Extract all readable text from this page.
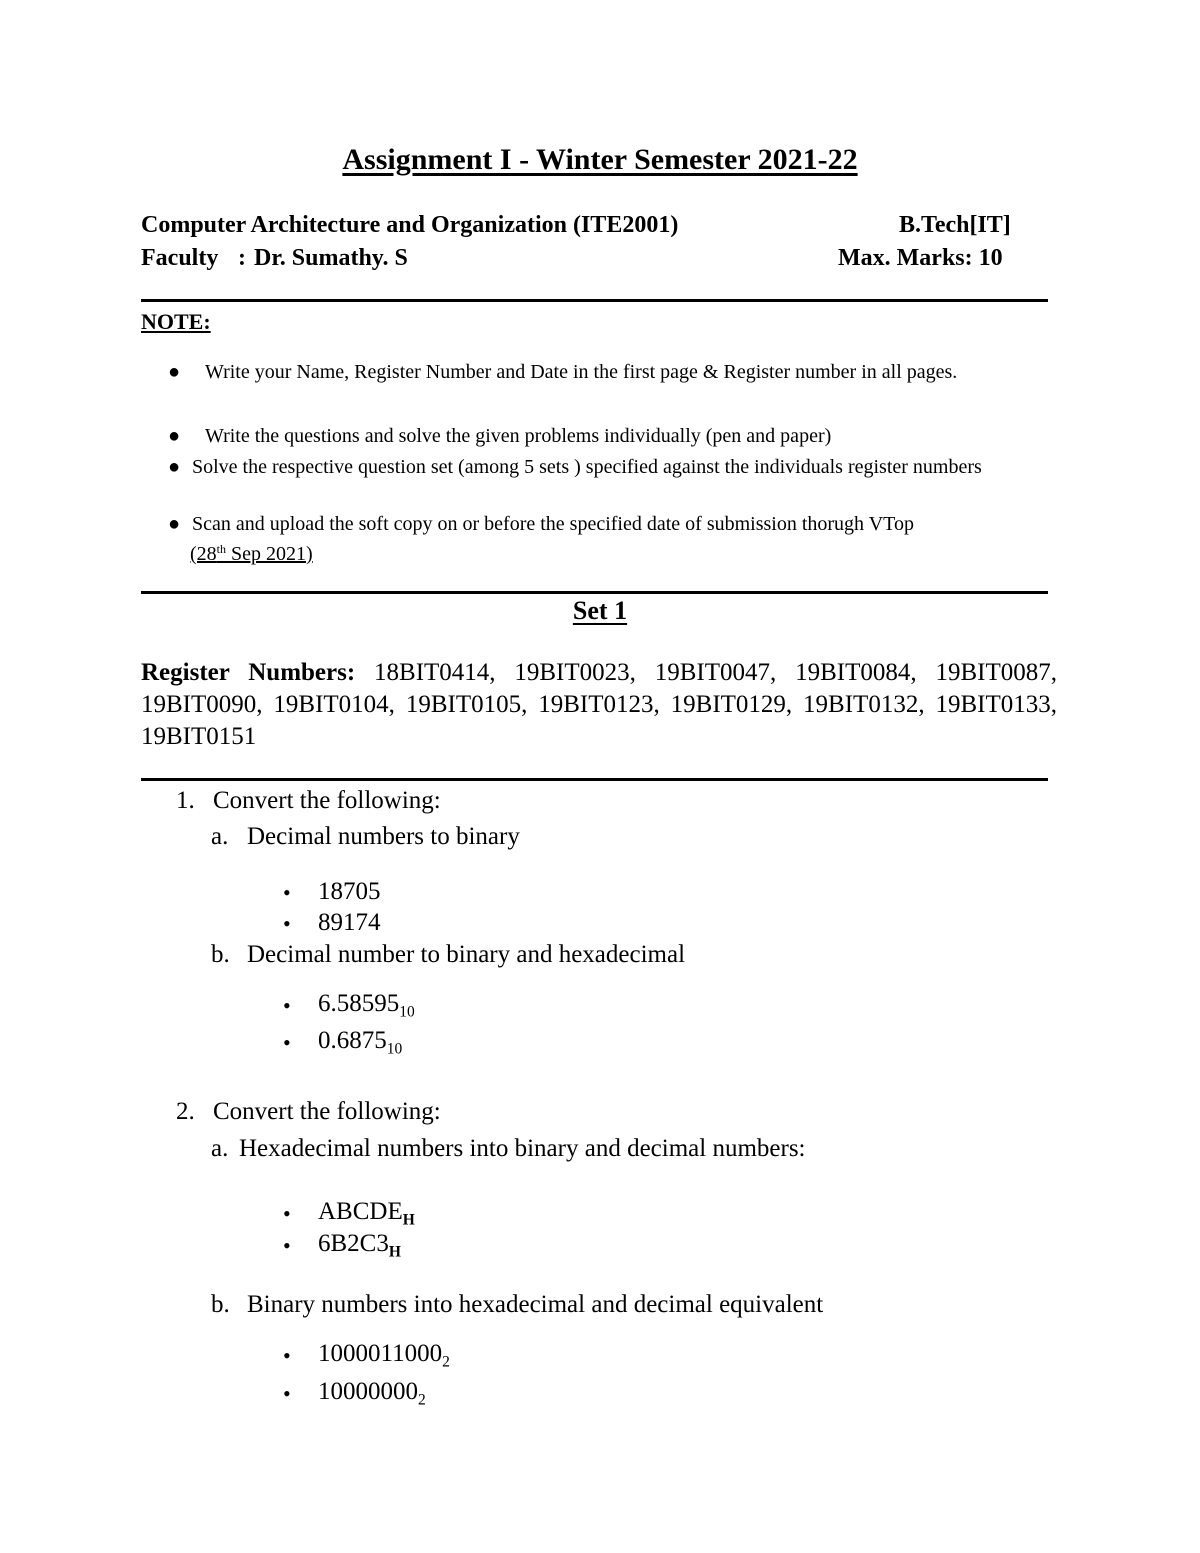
Assignment I - Winter Semester 2021-22
Computer Architecture and Organization (ITE2001)	B.Tech[IT]
Faculty : Dr. Sumathy. S	Max. Marks: 10
NOTE:
● Write your Name, Register Number and Date in the first page & Register number in all pages.
● Write the questions and solve the given problems individually (pen and paper)
● Solve the respective question set (among 5 sets ) specified against the individuals register numbers
● Scan and upload the soft copy on or before the specified date of submission thorugh VTop
(28th Sep 2021)
Set 1
Register Numbers: 18BIT0414, 19BIT0023, 19BIT0047, 19BIT0084, 19BIT0087, 19BIT0090, 19BIT0104, 19BIT0105, 19BIT0123, 19BIT0129, 19BIT0132, 19BIT0133, 19BIT0151
1. Convert the following:
a. Decimal numbers to binary
• 18705
• 89174
b. Decimal number to binary and hexadecimal
• $6.58595_{10}$
• $0.6875_{10}$
2. Convert the following:
a. Hexadecimal numbers into binary and decimal numbers:
• $ABCDE_H$
• $6B2C3_H$
b. Binary numbers into hexadecimal and decimal equivalent
• $1000011000_2$
• $10000000_2$
